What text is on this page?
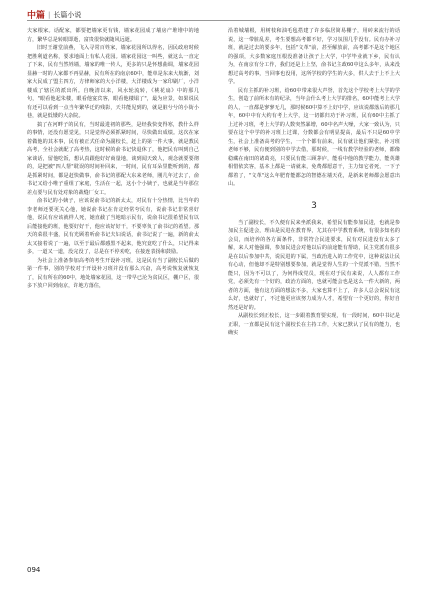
中篇 | 长篇小说

夫家根家。话配家，都要把墙家更有钱，墙家花园成了墙房产堆堆中的地方，繁华总是转眼即逝，富贵很快就随风远逝。

旧时王谢堂前燕，飞入寻常百姓家，墙家花园所以得名，因民政府时候把胜利道名称，要求地面上有私人花园。墙家花园这一叫些，就这么一直定了下来，民有当然姓墙，墙家的唯一传人，更多的只是怀想曲调，墙家花园显赫一时的人家都不再显赫，民有所在的南京60中，能单是东来大航渐，刘家大民成了盟主四方，方律师家的大小洋楼，大洋楼成为一家印刷厂，小洋楼成了辖区的派出所。自晚清以来，风水轮流转，《桃花扇》中的那几句，"眼看他起朱楼，眼看他宴宾客，眼看他楼塌了"，最为应景，如果说民有还可以看到一点当年繁华迁的残影，天井能见到的，就是脏兮兮的小街小巷，就是低矮的大杂院。

搞了在河畔子的民有，当时最进初的那些，是经我快变得寒，教什么样的事情，还没有愿觉见，只是觉得必须抓紧时间，尽快做出成绩。这次在家着做他的其本事，民有被正式任命为副校长，赶上的第一件大事，就是教民高考，全社会就配了高考热，这时候的俞书记快退休了，他把民有叫到自己家谈话，留他吃饭，想认真跟他好好商量地，谈到闻天致人，观念就要要彻的，是把被"四人帮"耽误的时间补回来，一时间，民有耳朵里能听到的，都是抓紧时间，都是赶快做事，俞书记的那配大东来老师，刚几年过去了，俞书记又给小唯子重组了家庭，生活在一起，这小个小姨子，也就是当年那位差点要与民有处对象的裁缝厂女工。

俞书记的小姨子，应该说俞书记的新太太，对民有十分热情，比当年的李老师还要更关心他，她说俞书记在肯定经常夸民有，说俞书记非常喜好他，说民有应该就样人死，她直截了当地暗示民有，说俞书记很希望民有以后能接他的班，他要好好干，他应该好好干，不要辜负了俞书记的希望。那天的菜很丰盛，民有光顾着听俞书记夫妇说话，俞书记说了一遍，新的俞太太又接着说了一遍，以至于最后都感黑不起来，他究竟吃了什么，只记得来多，一道又一道，没完没了，总是在不停劝吃，在接连表扬和鼓励。

为社会上准备参加高考的考生开设补习班，这是民有当了副校长后做的第一件事，别的学校对于开设补习班并没有那么兴奋，高考说恢复就恢复了，民有所在的60中，地处墙家花园，这一带早已沦为贫民区，棚户区，很多下放户回到南京，许地方落住，

沿着城墙根，用树枝和油毛毡搭建了许多临居简易棚子，用砖来流行的话说，这一带脏乱差，考生要想高考都不好，学习氛围几乎没有。民有办补习班，就是过去的要多年，包括"文革"前，甚至解放前，高考都不是这个地区的强项，大多数家庭压根没准备让孩子上大学，中学毕业就下乡，民有认为，在南京有分工作，我们还是上上坚，俞书记主政60中这么多年，从来没想过高考的事，当回事也没用，这所学校的学生的大多，供人去于上不上大学。

民有主抓的补习班，给60中带来很大声誉，首先这个学校考上大学的学生，创造了前所未有的纪录，当年会什么考上大学的排名，60中能考上大学的人，一直都是寥寥无几，那时候60中算不上好中学，应该说都落后的那几年，60中中有大约有考上大学，这一切都归功于补习班，民有60中主抓了上过补习班，考上大学的人数突然暴增，60中名声大噪，大家一致认为，只要在这个中学的补习班上过课，分数都会有明显提高，最后不只是60中学生，社会上准备高考的学生，一个个都有前来，民有就让他们紧张，补习班老师不够，民有便到别的中学去借，那时候，一线有教学经验的老师，都像稳藏在南田的诸葛亮，只要民有能三顾茅庐，能看中他的教学能力，能英雄相惜依宾客，基本上都是一请就来，免费都愿意干，主力知它者死，一下子都着了，"文革"这么年肥育能都怎的智德在墙天花，是新来老师都会愿意出山。

3

当了副校长，不久便有民来坐派我来，希望民有能参加民进，也就是参加民主促进会，理由是民进在教育界，尤其在中学教育系统，有很多知名的会员，而培养的各方面条件，非常符合民进要求，民有对民进没有太多了解，来人对他强调，参加民进会对他以后的前途能有帮助，民主党派有很多是在以后参加中共，说民进的下属，当政治进入的工作党中，这种说法让民有心动，但他却不是特别想要参加，就是觉得人生的一个党派不错，当然不能只，因为不可以了，为何得成党员，现在对于民有来说，人人都有工作党，必须先有一个好的，政治方面的，也就可能会也是这么一件大新的，两者的方面，他有这方面的想法不多，大家也算不上了，许多人总会说民有这么好，也就好了，不过他更应该努力成为人才，希望有一个更好的，你好自然还是好的。

从副校长到正校长，这一步跟着教育要实现，有一段时间，60中书记是正职，一直都是民有这个副校长在主持工作，大家已默认了民有的能力，也确实

094
